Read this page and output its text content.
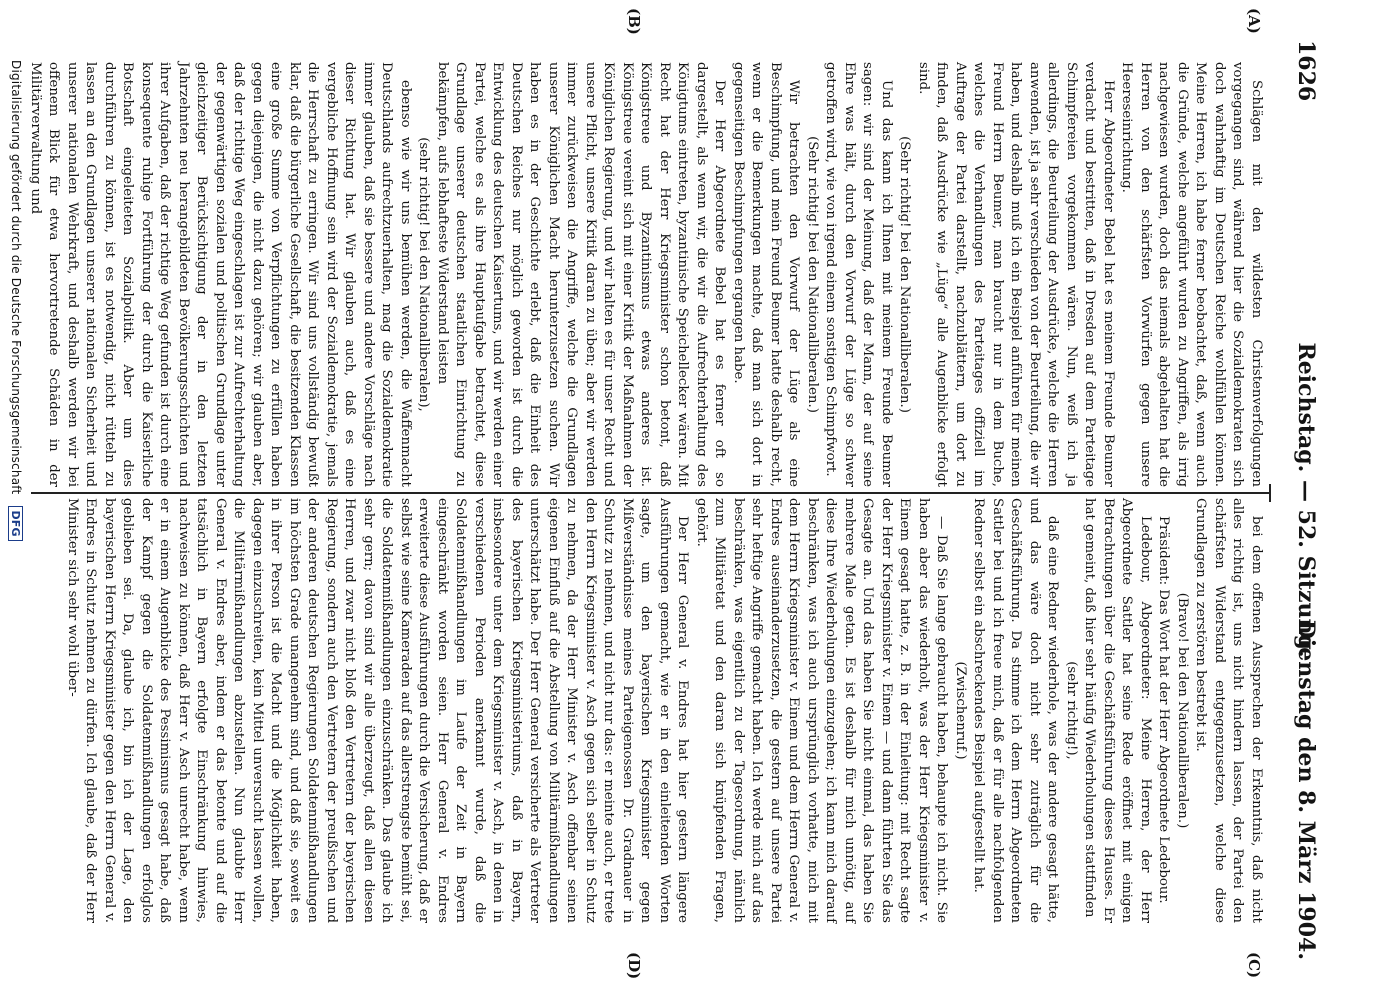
1626
Reichstag. — 52. Sitzung.
Dienstag den 8. März 1904.
(A)
(B)
(C)
(D)

Schlägen mit den wildesten Christenverfolgungen vorgegangen sind, während hier die Sozialdemokraten sich doch wahrhaftig im Deutschen Reiche wohlfühlen können. Meine Herren, ich habe ferner beobachtet, daß, wenn auch die Gründe, welche angeführt wurden zu Angriffen, als irrig nachgewiesen wurden, doch das niemals abgehalten hat die Herren von den schärfsten Vorwürfen gegen unsere Heereseinrichtung.

Herr Abgeordneter Bebel hat es meinem Freunde Beumer verdacht und bestritten, daß in Dresden auf dem Parteitage Schimpfereien vorgekommen wären. Nun, weiß ich ja allerdings, die Beurteilung der Ausdrücke, welche die Herren anwenden, ist ja sehr verschieden von der Beurteilung, die wir haben, und deshalb muß ich ein Beispiel anführen für meinen Freund Herrn Beumer, man braucht nur in dem Buche, welches die Verhandlungen des Parteitages offiziell im Auftrage der Partei darstellt, nachzublättern, um dort zu finden, daß Ausdrücke wie „Lüge“ alle Augenblicke erfolgt sind.

(Sehr richtig! bei den Nationalliberalen.)

Und das kann ich Ihnen mit meinem Freunde Beumer sagen: wir sind der Meinung, daß der Mann, der auf seine Ehre was hält, durch den Vorwurf der Lüge so schwer getroffen wird, wie von irgend einem sonstigen Schimpfwort.

(Sehr richtig! bei den Nationalliberalen.)

Wir betrachten den Vorwurf der Lüge als eine Beschimpfung, und mein Freund Beumer hatte deshalb recht, wenn er die Bemerkungen machte, daß man sich dort in gegenseitigen Beschimpfungen ergangen habe.

Der Herr Abgeordnete Bebel hat es ferner oft so dargestellt, als wenn wir, die wir die Aufrechterhaltung des Königtums eintreten, byzantinische Speichellecker wären. Mit Recht hat der Herr Kriegsminister schon betont, daß Königstreue und Byzantinismus etwas anderes ist. Königstreue vereint sich mit einer Kritik der Maßnahmen der Königlichen Regierung, und wir halten es für unser Recht und unsere Pflicht, unsere Kritik daran zu üben; aber wir werden immer zurückweisen die Angriffe, welche die Grundlagen unserer Königlichen Macht herunterzusetzen suchen. Wir haben es in der Geschichte erlebt, daß die Einheit des Deutschen Reiches nur möglich geworden ist durch die Entwicklung des deutschen Kaisertums, und wir werden einer Partei, welche es als ihre Hauptaufgabe betrachtet, diese Grundlage unserer deutschen staatlichen Einrichtung zu bekämpfen, aufs lebhafteste Widerstand leisten

(sehr richtig! bei den Nationalliberalen),

ebenso wie wir uns bemühen werden, die Waffenmacht Deutschlands aufrechtzuerhalten, mag die Sozialdemokratie immer glauben, daß sie bessere und andere Vorschläge nach dieser Richtung hat. Wir glauben auch, daß es eine vergebliche Hoffnung sein wird der Sozialdemokratie, jemals die Herrschaft zu erringen. Wir sind uns vollständig bewußt klar, daß die bürgerliche Gesellschaft, die besitzenden Klassen eine große Summe von Verpflichtungen zu erfüllen haben gegen diejenigen, die nicht dazu gehören; wir glauben aber, daß der richtige Weg eingeschlagen ist zur Aufrechterhaltung der gegenwärtigen sozialen und politischen Grundlage unter gleichzeitiger Berücksichtigung der in den letzten Jahrzehnten neu herangebildeten Bevölkerungsschichten und ihrer Aufgaben, daß der richtige Weg gefunden ist durch eine konsequente ruhige Fortführung der durch die Kaiserliche Botschaft eingeleiteten Sozialpolitik. Aber um dies durchführen zu können, ist es notwendig, nicht rütteln zu lassen an den Grundlagen unserer nationalen Sicherheit und unserer nationalen Wehrkraft, und deshalb werden wir bei offenem Blick für etwa hervortretende Schäden in der Militärverwaltung und

bei dem offenen Aussprechen der Erkenntnis, daß nicht alles richtig ist, uns nicht hindern lassen, der Partei den schärfsten Widerstand entgegenzusetzen, welche diese Grundlagen zu zerstören bestrebt ist.

(Bravo! bei den Nationalliberalen.)

Präsident: Das Wort hat der Herr Abgeordnete Ledebour.

Ledebour, Abgeordneter: Meine Herren, der Herr Abgeordnete Sattler hat seine Rede eröffnet mit einigen Betrachtungen über die Geschäftsführung dieses Hauses. Er hat gemeint, daß hier sehr häufig Wiederholungen stattfinden

(sehr richtig!),

daß eine Redner wiederhole, was der andere gesagt hätte, und das wäre doch nicht sehr zuträglich für die Geschäftsführung. Da stimme ich dem Herrn Abgeordneten Sattler bei und ich freue mich, daß er für alle nachfolgenden Redner selbst ein abschreckendes Beispiel aufgestellt hat.

(Zwischenruf.)

— Daß Sie lange gebraucht haben, behaupte ich nicht. Sie haben aber das wiederholt, was der Herr Kriegsminister v. Einem gesagt hatte, z. B. in der Einleitung: mit Recht sagte der Herr Kriegsminister v. Einem — und dann führten Sie das Gesagte an. Und das haben Sie nicht einmal, das haben Sie mehrere Male getan. Es ist deshalb für mich unnötig, auf diese Ihre Wiederholungen einzugehen; ich kann mich darauf beschränken, was ich auch ursprünglich vorhatte, mich mit dem Herrn Kriegsminister v. Einem und dem Herrn General v. Endres auseinanderzusetzen, die gestern auf unsere Partei sehr heftige Angriffe gemacht haben. Ich werde mich auf das beschränken, was eigentlich zu der Tagesordnung, nämlich zum Militäretat und den daran sich knüpfenden Fragen, gehört.

Der Herr General v. Endres hat hier gestern längere Ausführungen gemacht, wie er in den einleitenden Worten sagte, um den bayerischen Kriegsminister gegen Mißverständnisse meines Parteigenossen Dr. Gradnauer in Schutz zu nehmen, und nicht nur das: er meinte auch, er trete den Herrn Kriegsminister v. Asch gegen sich selber in Schutz zu nehmen, da der Herr Minister v. Asch offenbar seinen eigenen Einfluß auf die Abstellung von Militärmißhandlungen unterschätzt habe. Der Herr General versicherte als Vertreter des bayerischen Kriegsministeriums, daß in Bayern, insbesondere unter dem Kriegsminister v. Asch, in denen in verschiedenen Perioden anerkannt wurde, daß die Soldatenmißhandlungen im Laufe der Zeit in Bayern eingeschränkt worden seien. Herr General v. Endres erweiterte diese Ausführungen durch die Versicherung, daß er selbst wie seine Kameraden auf das allerstrengste bemüht sei, die Soldatenmißhandlungen einzuschränken. Das glaube ich sehr gern; davon sind wir alle überzeugt, daß allen diesen Herren, und zwar nicht bloß den Vertretern der bayerischen Regierung, sondern auch den Vertretern der preußischen und der anderen deutschen Regierungen Soldatenmißhandlungen im höchsten Grade unangenehm sind, und daß sie, soweit es in ihrer Person ist die Macht und die Möglichkeit haben, dagegen einzuschreiten, kein Mittel unversucht lassen wollen, die Militärmißhandlungen abzustellen. Nun glaubte Herr General v. Endres aber, indem er das betonte und auf die tatsächlich in Bayern erfolgte Einschränkung hinwies, nachweisen zu können, daß Herr v. Asch unrecht habe, wenn er in einem Augenblicke des Pessimismus gesagt habe, daß der Kampf gegen die Soldatenmißhandlungen erfolglos geblieben sei. Da, glaube ich, bin ich der Lage, den bayerischen Herrn Kriegsminister gegen den Herrn General v. Endres in Schutz nehmen zu dürfen. Ich glaube, daß der Herr Minister sich sehr wohl über-

Digitalisierung gefördert durch die Deutsche Forschungsgemeinschaft DFG
